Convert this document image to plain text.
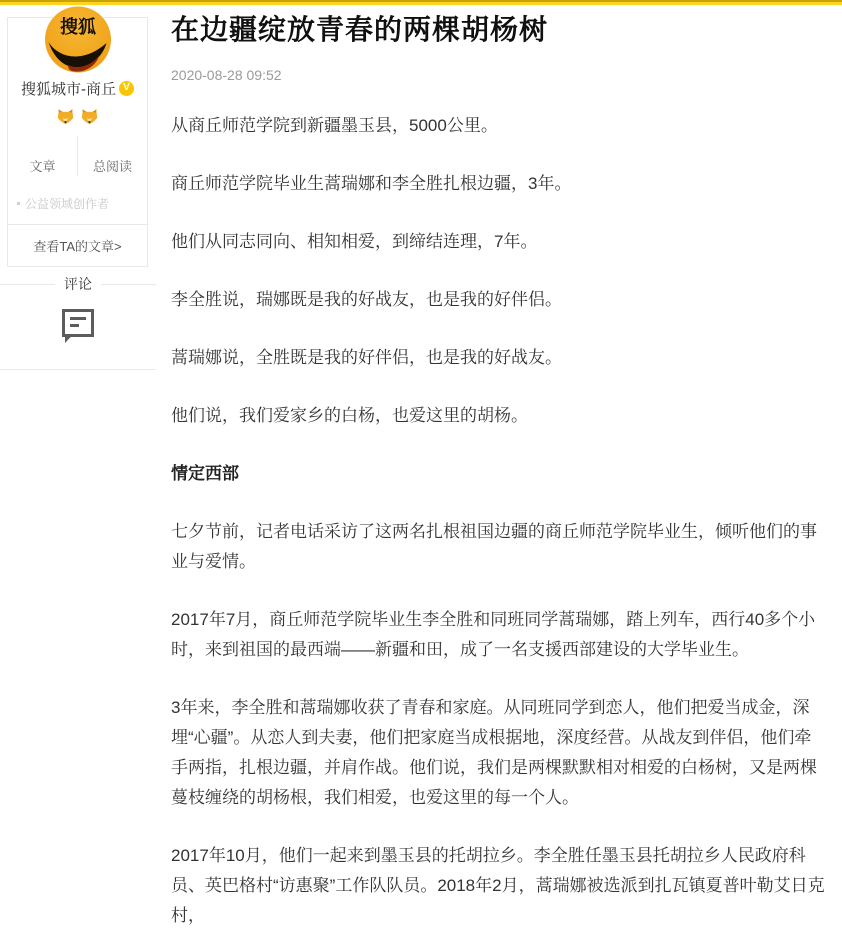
搜狐
搜狐城市-商丘 V
文章	总阅读
公益领域创作者
查看TA的文章>
评论
在边疆绽放青春的两棵胡杨树
2020-08-28 09:52

从商丘师范学院到新疆墨玉县，5000公里。

商丘师范学院毕业生蒿瑞娜和李全胜扎根边疆，3年。

他们从同志同向、相知相爱，到缔结连理，7年。

李全胜说，瑞娜既是我的好战友，也是我的好伴侣。

蒿瑞娜说，全胜既是我的好伴侣，也是我的好战友。

他们说，我们爱家乡的白杨，也爱这里的胡杨。

情定西部

七夕节前，记者电话采访了这两名扎根祖国边疆的商丘师范学院毕业生，倾听他们的事业与爱情。

2017年7月，商丘师范学院毕业生李全胜和同班同学蒿瑞娜，踏上列车，西行40多个小时，来到祖国的最西端——新疆和田，成了一名支援西部建设的大学毕业生。

3年来，李全胜和蒿瑞娜收获了青春和家庭。从同班同学到恋人，他们把爱当成金，深埋“心疆”。从恋人到夫妻，他们把家庭当成根据地，深度经营。从战友到伴侣，他们牵手两指，扎根边疆，并肩作战。他们说，我们是两棵默默相对相爱的白杨树，又是两棵蔓枝缠绕的胡杨根，我们相爱，也爱这里的每一个人。

2017年10月，他们一起来到墨玉县的托胡拉乡。李全胜任墨玉县托胡拉乡人民政府科员、英巴格村“访惠聚”工作队队员。2018年2月，蒿瑞娜被选派到扎瓦镇夏普叶勒艾日克村，
